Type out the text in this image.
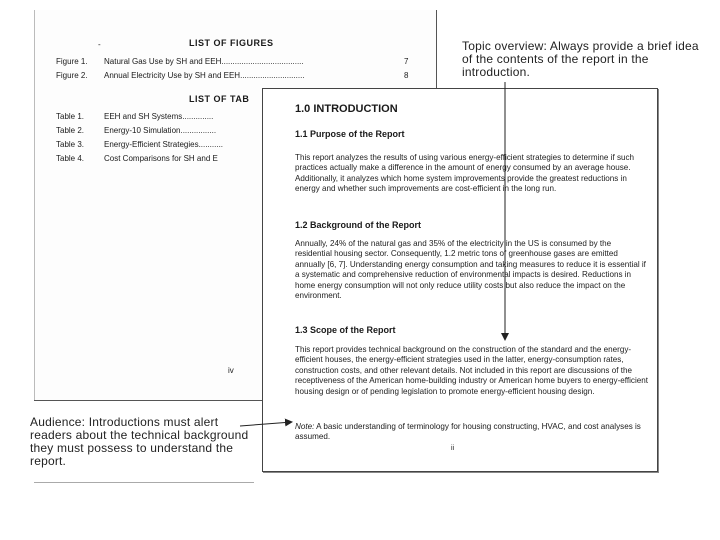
-	LIST OF FIGURES
Figure 1. Natural Gas Use by SH and EEH.....................................	7
Figure 2. Annual Electricity Use by SH and EEH.............................	8
LIST OF TAB
Table 1. EEH and SH Systems..............
Table 2. Energy-10 Simulation................
Table 3. Energy-Efficient Strategies...........
Table 4. Cost Comparisons for SH and E
iv
1.0 INTRODUCTION
1.1 Purpose of the Report
This report analyzes the results of using various energy-efficient strategies to determine if such practices actually make a difference in the amount of energy consumed by an average house. Additionally, it analyzes which home system improvements provide the greatest reductions in energy and whether such improvements are cost-efficient in the long run.
1.2 Background of the Report
Annually, 24% of the natural gas and 35% of the electricity in the US is consumed by the residential housing sector. Consequently, 1.2 metric tons of greenhouse gases are emitted annually [6, 7]. Understanding energy consumption and taking measures to reduce it is essential if a systematic and comprehensive reduction of environmental impacts is desired. Reductions in home energy consumption will not only reduce utility costs but also reduce the impact on the environment.
1.3 Scope of the Report
This report provides technical background on the construction of the standard and the energy-efficient houses, the energy-efficient strategies used in the latter, energy-consumption rates, construction costs, and other relevant details. Not included in this report are discussions of the receptiveness of the American home-building industry or American home buyers to energy-efficient housing design or of pending legislation to promote energy-efficient housing design.
Note: A basic understanding of terminology for housing constructing, HVAC, and cost analyses is assumed.
ii
Topic overview: Always provide a brief idea of the contents of the report in the introduction.
Audience: Introductions must alert readers about the technical background they must possess to understand the report.
